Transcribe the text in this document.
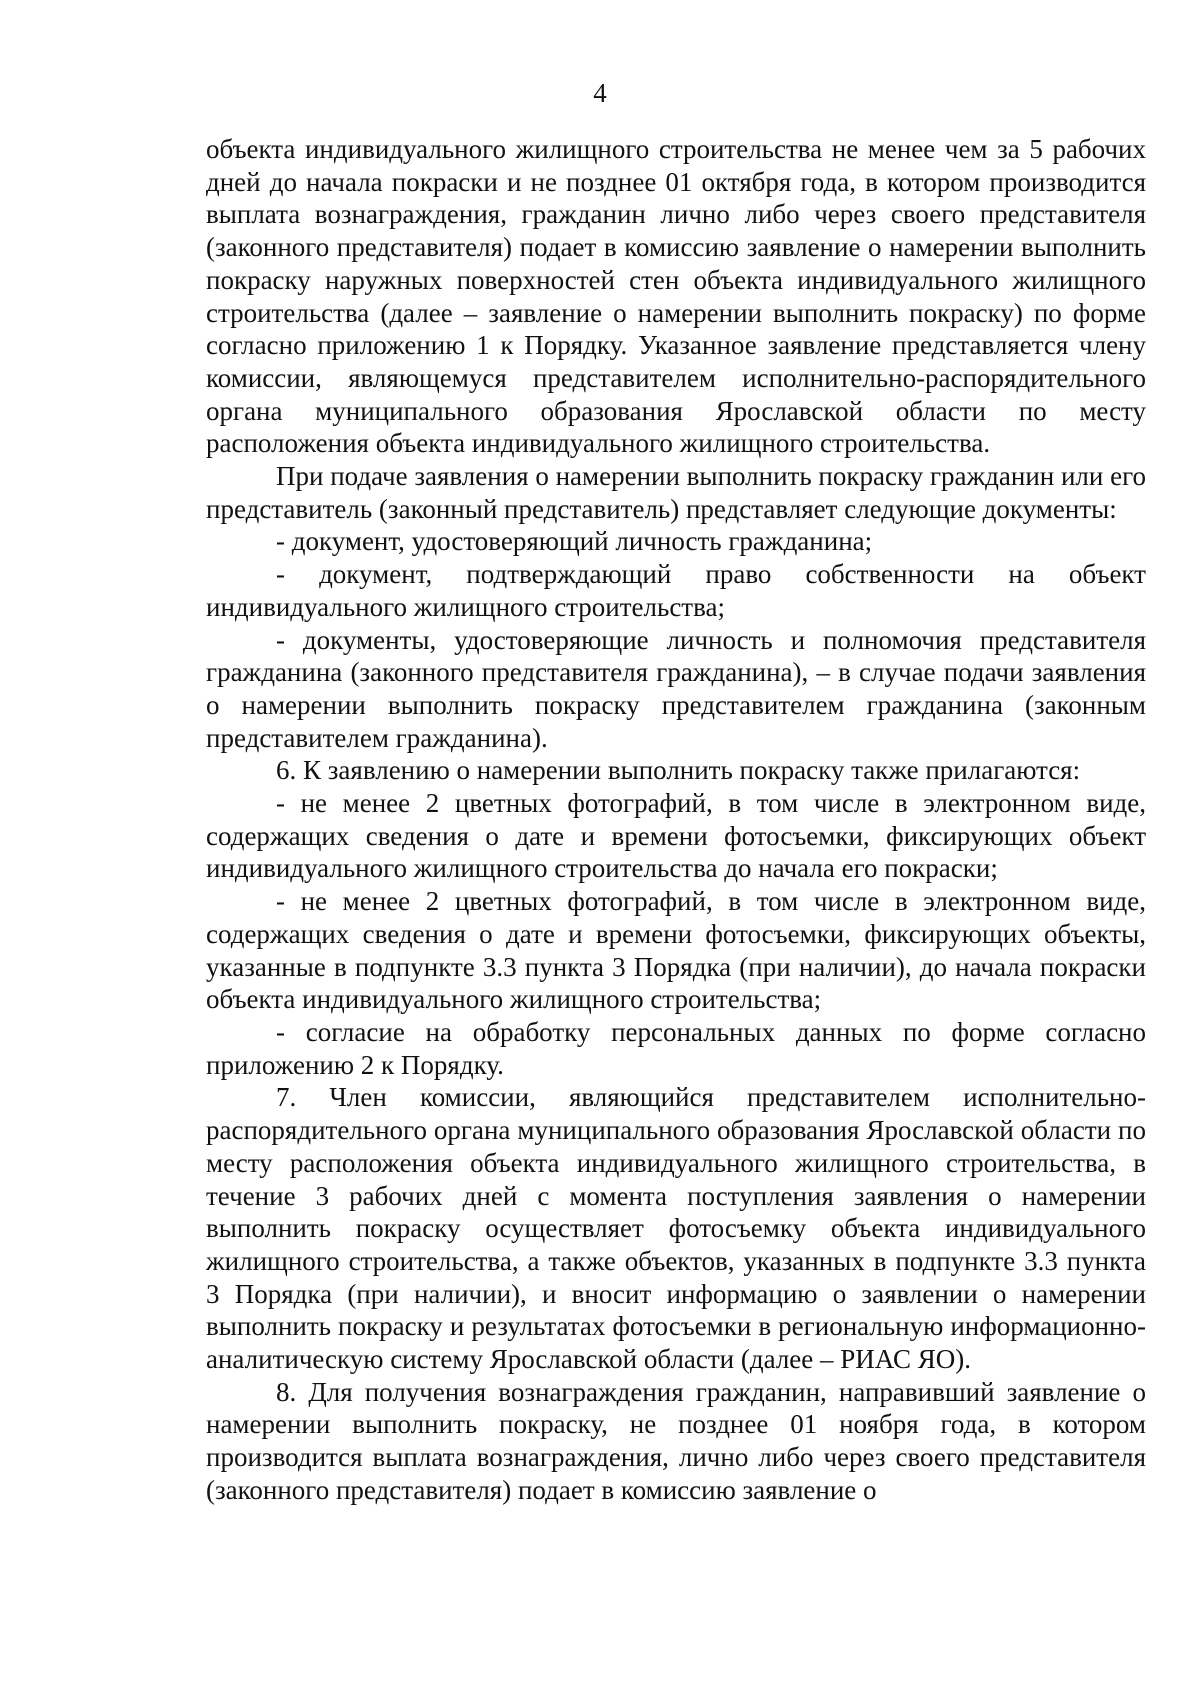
4

объекта индивидуального жилищного строительства не менее чем за 5 рабочих дней до начала покраски и не позднее 01 октября года, в котором производится выплата вознаграждения, гражданин лично либо через своего представителя (законного представителя) подает в комиссию заявление о намерении выполнить покраску наружных поверхностей стен объекта индивидуального жилищного строительства (далее – заявление о намерении выполнить покраску) по форме согласно приложению 1 к Порядку. Указанное заявление представляется члену комиссии, являющемуся представителем исполнительно-распорядительного органа муниципального образования Ярославской области по месту расположения объекта индивидуального жилищного строительства.

При подаче заявления о намерении выполнить покраску гражданин или его представитель (законный представитель) представляет следующие документы:

- документ, удостоверяющий личность гражданина;

- документ, подтверждающий право собственности на объект индивидуального жилищного строительства;

- документы, удостоверяющие личность и полномочия представителя гражданина (законного представителя гражданина), – в случае подачи заявления о намерении выполнить покраску представителем гражданина (законным представителем гражданина).

6. К заявлению о намерении выполнить покраску также прилагаются:

- не менее 2 цветных фотографий, в том числе в электронном виде, содержащих сведения о дате и времени фотосъемки, фиксирующих объект индивидуального жилищного строительства до начала его покраски;

- не менее 2 цветных фотографий, в том числе в электронном виде, содержащих сведения о дате и времени фотосъемки, фиксирующих объекты, указанные в подпункте 3.3 пункта 3 Порядка (при наличии), до начала покраски объекта индивидуального жилищного строительства;

- согласие на обработку персональных данных по форме согласно приложению 2 к Порядку.

7. Член комиссии, являющийся представителем исполнительно-распорядительного органа муниципального образования Ярославской области по месту расположения объекта индивидуального жилищного строительства, в течение 3 рабочих дней с момента поступления заявления о намерении выполнить покраску осуществляет фотосъемку объекта индивидуального жилищного строительства, а также объектов, указанных в подпункте 3.3 пункта 3 Порядка (при наличии), и вносит информацию о заявлении о намерении выполнить покраску и результатах фотосъемки в региональную информационно-аналитическую систему Ярославской области (далее – РИАС ЯО).

8. Для получения вознаграждения гражданин, направивший заявление о намерении выполнить покраску, не позднее 01 ноября года, в котором производится выплата вознаграждения, лично либо через своего представителя (законного представителя) подает в комиссию заявление о
